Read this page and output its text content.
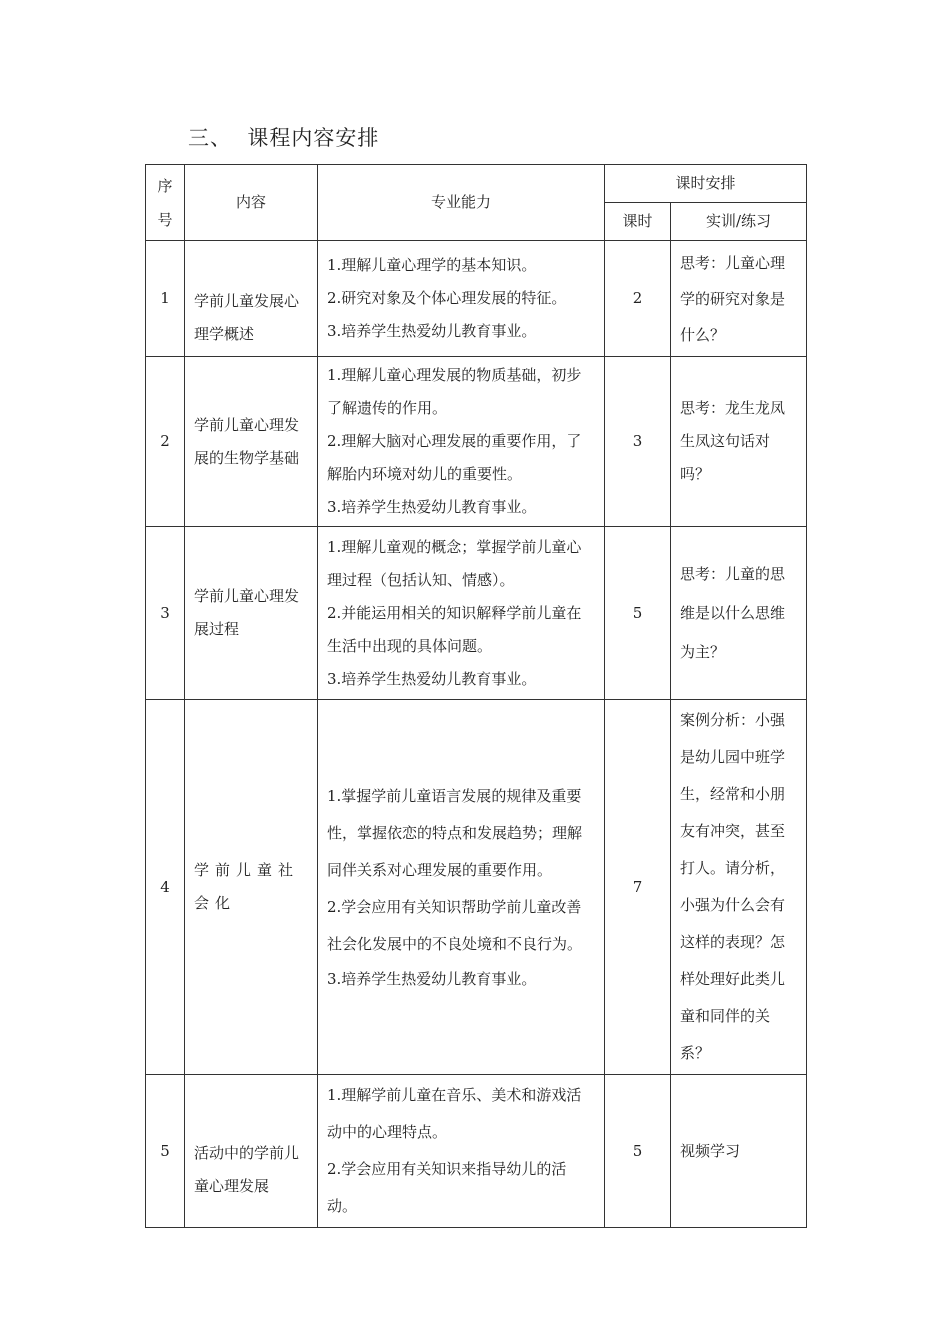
三、  课程内容安排
序
号	内容	专业能力	课时安排	
			课时	实训/练习
1	学前儿童发展心理学概述	1.理解儿童心理学的基本知识。

2.研究对象及个体心理发展的特征。

3.培养学生热爱幼儿教育事业。	2	思考：儿童心理学的研究对象是什么？

2	学前儿童心理发展的生物学基础	1.理解儿童心理发展的物质基础，初步了解遗传的作用。

2.理解大脑对心理发展的重要作用，了解胎内环境对幼儿的重要性。

3.培养学生热爱幼儿教育事业。	3	思考：龙生龙凤生凤这句话对吗？

3	学前儿童心理发展过程	1.理解儿童观的概念；掌握学前儿童心理过程（包括认知、情感）。

2.并能运用相关的知识解释学前儿童在生活中出现的具体问题。

3.培养学生热爱幼儿教育事业。	5	思考：儿童的思维是以什么思维为主？

4	学前儿童社会化	1.掌握学前儿童语言发展的规律及重要性，掌握依恋的特点和发展趋势；理解同伴关系对心理发展的重要作用。

2.学会应用有关知识帮助学前儿童改善社会化发展中的不良处境和不良行为。

3.培养学生热爱幼儿教育事业。	7	案例分析：小强是幼儿园中班学生，经常和小朋友有冲突，甚至打人。请分析，小强为什么会有这样的表现？怎样处理好此类儿童和同伴的关系？

5	活动中的学前儿童心理发展	1.理解学前儿童在音乐、美术和游戏活动中的心理特点。

2.学会应用有关知识来指导幼儿的活动。	5	视频学习
